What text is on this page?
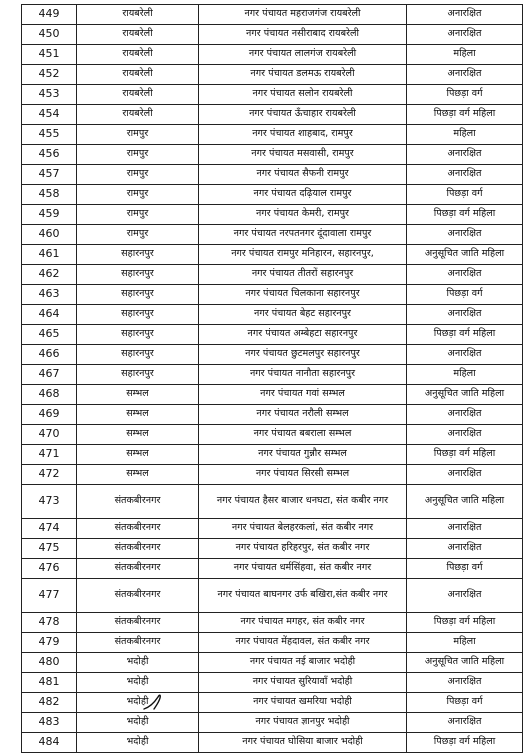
449	रायबरेली	नगर पंचायत महराजगंज रायबरेली	अनारक्षित
450	रायबरेली	नगर पंचायत नसीराबाद रायबरेली	अनारक्षित
451	रायबरेली	नगर पंचायत लालगंज रायबरेली	महिला
452	रायबरेली	नगर पंचायत डलमऊ रायबरेली	अनारक्षित
453	रायबरेली	नगर पंचायत सलोन रायबरेली	पिछड़ा वर्ग
454	रायबरेली	नगर पंचायत ऊँचाहार रायबरेली	पिछड़ा वर्ग महिला
455	रामपुर	नगर पंचायत शाहबाद, रामपुर	महिला
456	रामपुर	नगर पंचायत मसवासी, रामपुर	अनारक्षित
457	रामपुर	नगर पंचायत सैफनी रामपुर	अनारक्षित
458	रामपुर	नगर पंचायत दढ़ियाल रामपुर	पिछड़ा वर्ग
459	रामपुर	नगर पंचायत केमरी, रामपुर	पिछड़ा वर्ग महिला
460	रामपुर	नगर पंचायत नरपतनगर दूंदावाला रामपुर	अनारक्षित
461	सहारनपुर	नगर पंचायत रामपुर मनिहारन, सहारनपुर,	अनुसूचित जाति महिला
462	सहारनपुर	नगर पंचायत तीतरों सहारनपुर	अनारक्षित
463	सहारनपुर	नगर पंचायत चिलकाना सहारनपुर	पिछड़ा वर्ग
464	सहारनपुर	नगर पंचायत बेहट सहारनपुर	अनारक्षित
465	सहारनपुर	नगर पंचायत अम्बेहटा सहारनपुर	पिछड़ा वर्ग महिला
466	सहारनपुर	नगर पंचायत छुटमलपुर सहारनपुर	अनारक्षित
467	सहारनपुर	नगर पंचायत नानौता सहारनपुर	महिला
468	सम्भल	नगर पंचायत गवां सम्भल	अनुसूचित जाति महिला
469	सम्भल	नगर पंचायत नरौली सम्भल	अनारक्षित
470	सम्भल	नगर पंचायत बबराला सम्भल	अनारक्षित
471	सम्भल	नगर पंचायत गुन्नौर सम्भल	पिछड़ा वर्ग महिला
472	सम्भल	नगर पंचायत सिरसी सम्भल	अनारक्षित
473	संतकबीरनगर	नगर पंचायत हैसर बाजार धनघटा, संत कबीर नगर	अनुसूचित जाति महिला
474	संतकबीरनगर	नगर पंचायत बेलहरकलां, संत कबीर नगर	अनारक्षित
475	संतकबीरनगर	नगर पंचायत हरिहरपुर, संत कबीर नगर	अनारक्षित
476	संतकबीरनगर	नगर पंचायत धर्मसिंहवा, संत कबीर नगर	पिछड़ा वर्ग
477	संतकबीरनगर	नगर पंचायत बाघनगर उर्फ बखिरा,संत कबीर नगर	अनारक्षित
478	संतकबीरनगर	नगर पंचायत मगहर, संत कबीर नगर	पिछड़ा वर्ग महिला
479	संतकबीरनगर	नगर पंचायत मेंहदावल, संत कबीर नगर	महिला
480	भदोही	नगर पंचायत नई बाजार भदोही	अनुसूचित जाति महिला
481	भदोही	नगर पंचायत सुरियावाँ भदोही	अनारक्षित
482	भदोही	नगर पंचायत खमरिया भदोही	पिछड़ा वर्ग
483	भदोही	नगर पंचायत ज्ञानपुर भदोही	अनारक्षित
484	भदोही	नगर पंचायत घोसिया बाजार भदोही	पिछड़ा वर्ग महिला
